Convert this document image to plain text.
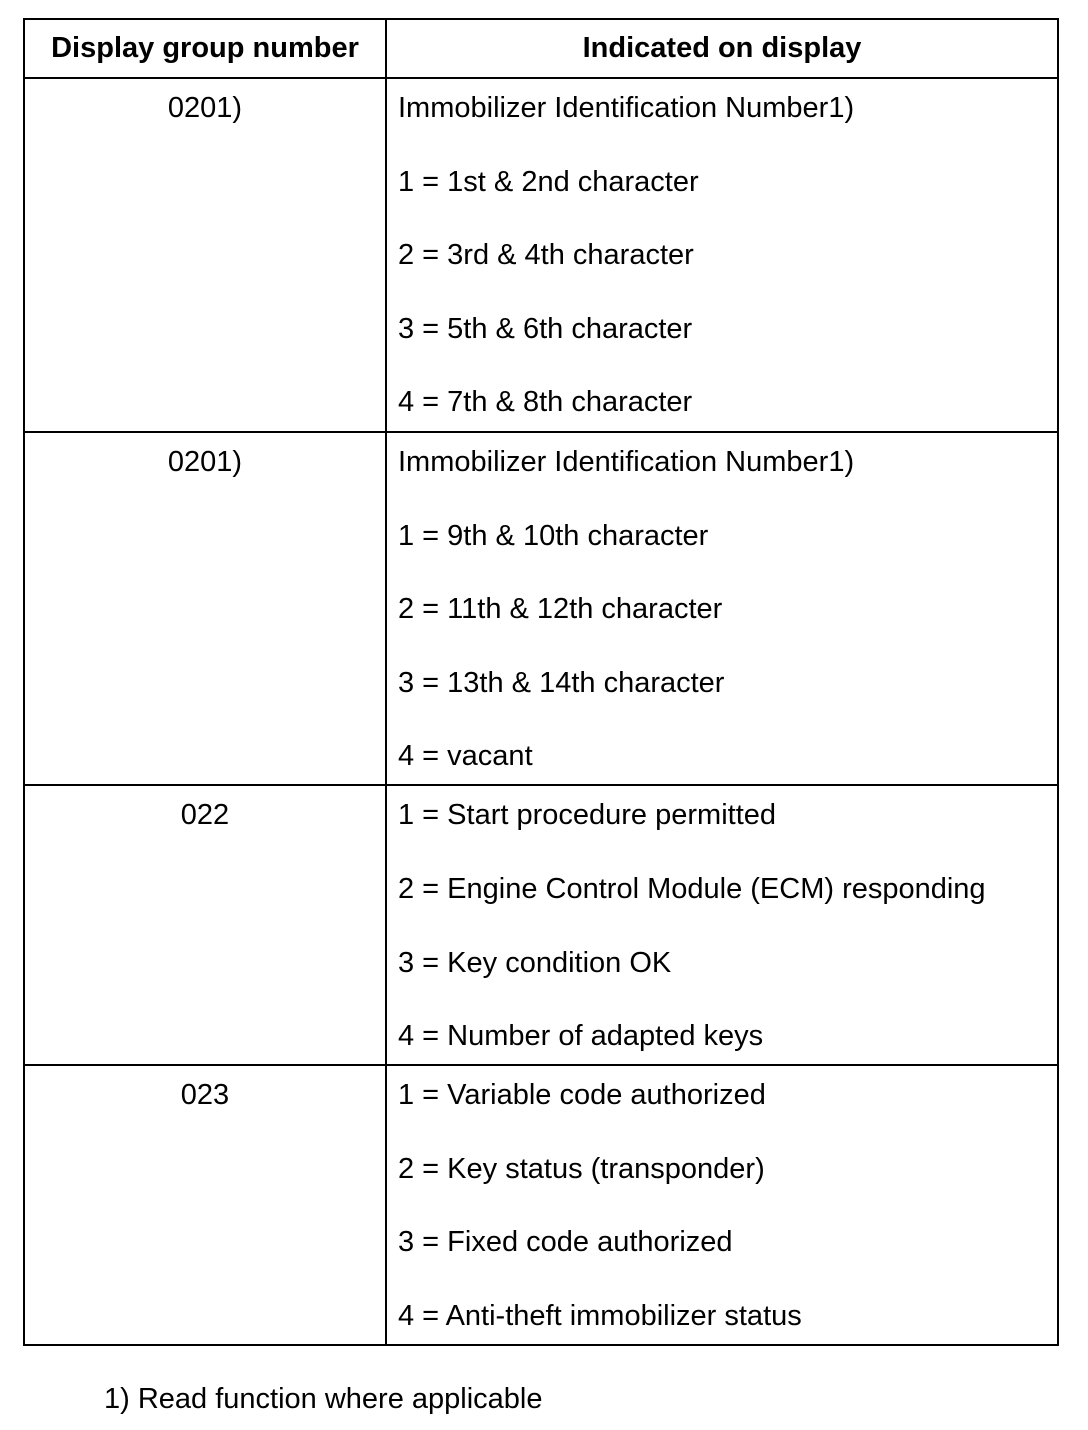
Display group number	Indicated on display
0201)	Immobilizer Identification Number1)
1 = 1st & 2nd character
2 = 3rd & 4th character
3 = 5th & 6th character
4 = 7th & 8th character

0201)	Immobilizer Identification Number1)
1 = 9th & 10th character
2 = 11th & 12th character
3 = 13th & 14th character
4 = vacant

022	1 = Start procedure permitted
2 = Engine Control Module (ECM) responding
3 = Key condition OK
4 = Number of adapted keys

023	1 = Variable code authorized
2 = Key status (transponder)
3 = Fixed code authorized
4 = Anti-theft immobilizer status
1) Read function where applicable
